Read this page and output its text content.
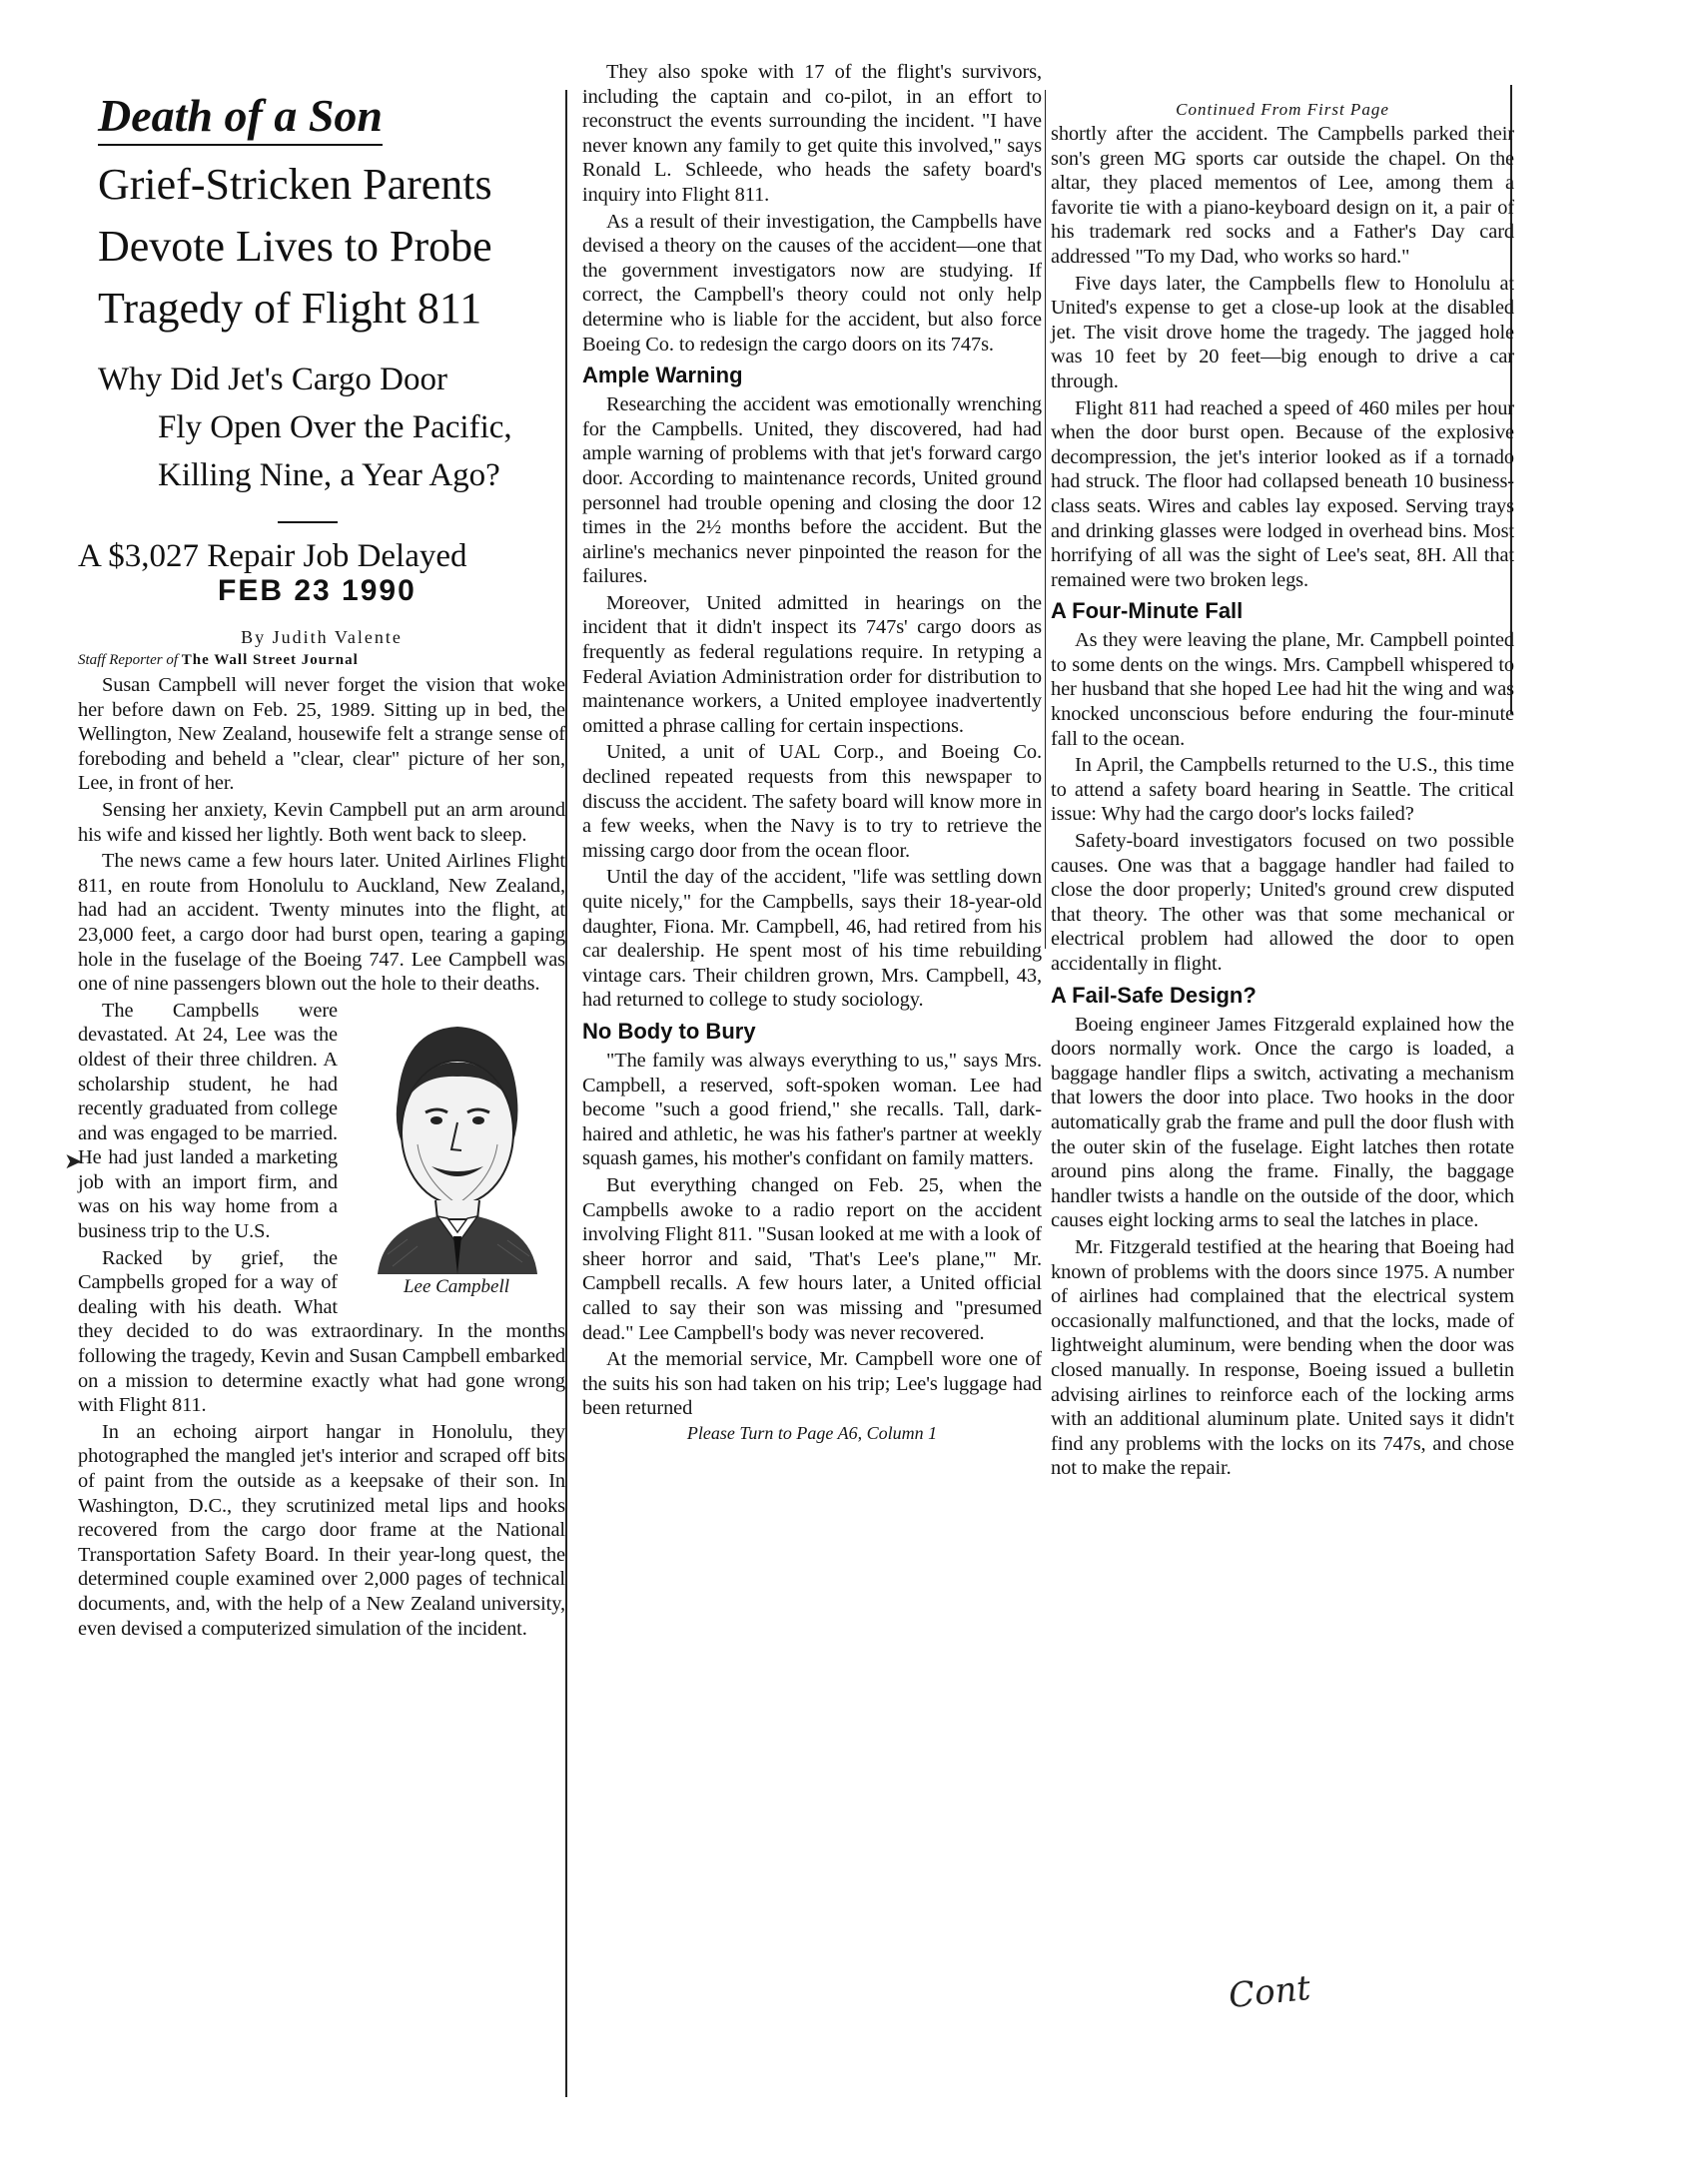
Death of a Son
Grief-Stricken Parents Devote Lives to Probe Tragedy of Flight 811
Why Did Jet's Cargo Door
Fly Open Over the Pacific,
Killing Nine, a Year Ago?
A $3,027 Repair Job Delayed
FEB 23 1990
By Judith Valente
Staff Reporter of The Wall Street Journal

Susan Campbell will never forget the vision that woke her before dawn on Feb. 25, 1989. Sitting up in bed, the Wellington, New Zealand, housewife felt a strange sense of foreboding and beheld a "clear, clear" picture of her son, Lee, in front of her.

Sensing her anxiety, Kevin Campbell put an arm around his wife and kissed her lightly. Both went back to sleep.

The news came a few hours later. United Airlines Flight 811, en route from Honolulu to Auckland, New Zealand, had had an accident. Twenty minutes into the flight, at 23,000 feet, a cargo door had burst open, tearing a gaping hole in the fuselage of the Boeing 747. Lee Campbell was one of nine passengers blown out the hole to their deaths.

Lee Campbell

The Campbells were devastated. At 24, Lee was the oldest of their three children. A scholarship student, he had recently graduated from college and was engaged to be married. He had just landed a marketing job with an import firm, and was on his way home from a business trip to the U.S.

Racked by grief, the Campbells groped for a way of dealing with his death. What they decided to do was extraordinary. In the months following the tragedy, Kevin and Susan Campbell embarked on a mission to determine exactly what had gone wrong with Flight 811.

In an echoing airport hangar in Honolulu, they photographed the mangled jet's interior and scraped off bits of paint from the outside as a keepsake of their son. In Washington, D.C., they scrutinized metal lips and hooks recovered from the cargo door frame at the National Transportation Safety Board. In their year-long quest, the determined couple examined over 2,000 pages of technical documents, and, with the help of a New Zealand university, even devised a computerized simulation of the incident.

They also spoke with 17 of the flight's survivors, including the captain and co-pilot, in an effort to reconstruct the events surrounding the incident. "I have never known any family to get quite this involved," says Ronald L. Schleede, who heads the safety board's inquiry into Flight 811.

As a result of their investigation, the Campbells have devised a theory on the causes of the accident—one that the government investigators now are studying. If correct, the Campbell's theory could not only help determine who is liable for the accident, but also force Boeing Co. to redesign the cargo doors on its 747s.

Ample Warning

Researching the accident was emotionally wrenching for the Campbells. United, they discovered, had had ample warning of problems with that jet's forward cargo door. According to maintenance records, United ground personnel had trouble opening and closing the door 12 times in the 2½ months before the accident. But the airline's mechanics never pinpointed the reason for the failures.

Moreover, United admitted in hearings on the incident that it didn't inspect its 747s' cargo doors as frequently as federal regulations require. In retyping a Federal Aviation Administration order for distribution to maintenance workers, a United employee inadvertently omitted a phrase calling for certain inspections.

United, a unit of UAL Corp., and Boeing Co. declined repeated requests from this newspaper to discuss the accident. The safety board will know more in a few weeks, when the Navy is to try to retrieve the missing cargo door from the ocean floor.

Until the day of the accident, "life was settling down quite nicely," for the Campbells, says their 18-year-old daughter, Fiona. Mr. Campbell, 46, had retired from his car dealership. He spent most of his time rebuilding vintage cars. Their children grown, Mrs. Campbell, 43, had returned to college to study sociology.

No Body to Bury

"The family was always everything to us," says Mrs. Campbell, a reserved, soft-spoken woman. Lee had become "such a good friend," she recalls. Tall, dark-haired and athletic, he was his father's partner at weekly squash games, his mother's confidant on family matters.

But everything changed on Feb. 25, when the Campbells awoke to a radio report on the accident involving Flight 811. "Susan looked at me with a look of sheer horror and said, 'That's Lee's plane,'" Mr. Campbell recalls. A few hours later, a United official called to say their son was missing and "presumed dead." Lee Campbell's body was never recovered.

At the memorial service, Mr. Campbell wore one of the suits his son had taken on his trip; Lee's luggage had been returned

Please Turn to Page A6, Column 1
Continued From First Page

shortly after the accident. The Campbells parked their son's green MG sports car outside the chapel. On the altar, they placed mementos of Lee, among them a favorite tie with a piano-keyboard design on it, a pair of his trademark red socks and a Father's Day card addressed "To my Dad, who works so hard."

Five days later, the Campbells flew to Honolulu at United's expense to get a close-up look at the disabled jet. The visit drove home the tragedy. The jagged hole was 10 feet by 20 feet—big enough to drive a car through.

Flight 811 had reached a speed of 460 miles per hour when the door burst open. Because of the explosive decompression, the jet's interior looked as if a tornado had struck. The floor had collapsed beneath 10 business-class seats. Wires and cables lay exposed. Serving trays and drinking glasses were lodged in overhead bins. Most horrifying of all was the sight of Lee's seat, 8H. All that remained were two broken legs.

A Four-Minute Fall

As they were leaving the plane, Mr. Campbell pointed to some dents on the wings. Mrs. Campbell whispered to her husband that she hoped Lee had hit the wing and was knocked unconscious before enduring the four-minute fall to the ocean.

In April, the Campbells returned to the U.S., this time to attend a safety board hearing in Seattle. The critical issue: Why had the cargo door's locks failed?

Safety-board investigators focused on two possible causes. One was that a baggage handler had failed to close the door properly; United's ground crew disputed that theory. The other was that some mechanical or electrical problem had allowed the door to open accidentally in flight.

A Fail-Safe Design?

Boeing engineer James Fitzgerald explained how the doors normally work. Once the cargo is loaded, a baggage handler flips a switch, activating a mechanism that lowers the door into place. Two hooks in the door automatically grab the frame and pull the door flush with the outer skin of the fuselage. Eight latches then rotate around pins along the frame. Finally, the baggage handler twists a handle on the outside of the door, which causes eight locking arms to seal the latches in place.

Mr. Fitzgerald testified at the hearing that Boeing had known of problems with the doors since 1975. A number of airlines had complained that the electrical system occasionally malfunctioned, and that the locks, made of lightweight aluminum, were bending when the door was closed manually. In response, Boeing issued a bulletin advising airlines to reinforce each of the locking arms with an additional aluminum plate. United says it didn't find any problems with the locks on its 747s, and chose not to make the repair.

Cont
➤
